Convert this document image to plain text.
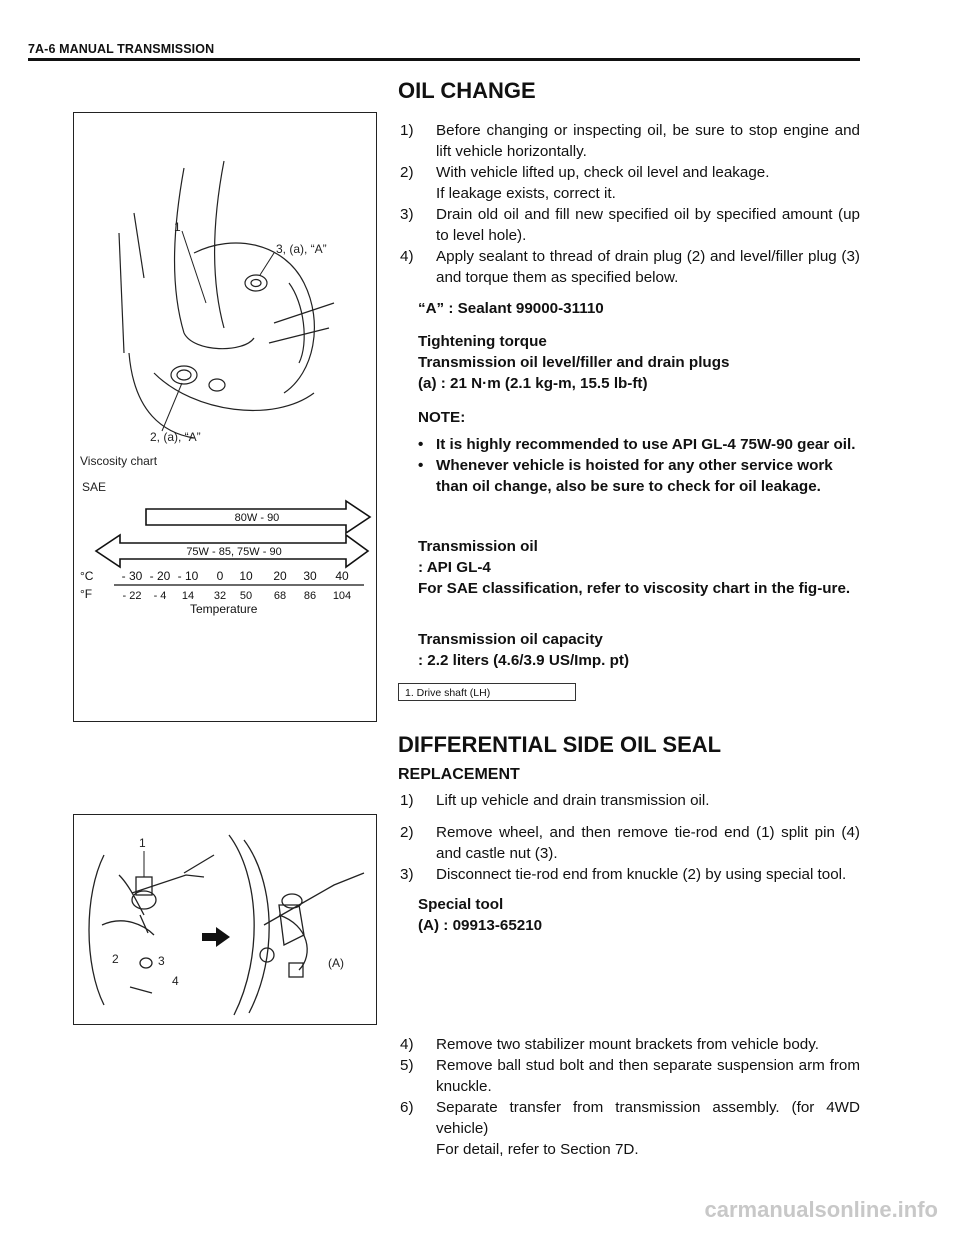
7A-6 MANUAL TRANSMISSION
OIL CHANGE
1) Before changing or inspecting oil, be sure to stop engine and lift vehicle horizontally.
2) With vehicle lifted up, check oil level and leakage.
If leakage exists, correct it.
3) Drain old oil and fill new specified oil by specified amount (up to level hole).
4) Apply sealant to thread of drain plug (2) and level/filler plug (3) and torque them as specified below.
“A” : Sealant 99000-31110
Tightening torque
Transmission oil level/filler and drain plugs
(a) : 21 N·m (2.1 kg-m, 15.5 lb-ft)
NOTE:
• It is highly recommended to use API GL-4 75W-90 gear oil.
• Whenever vehicle is hoisted for any other service work than oil change, also be sure to check for oil leakage.
Transmission oil
: API GL-4
For SAE classification, refer to viscosity chart in the fig-ure.
Transmission oil capacity
: 2.2 liters (4.6/3.9 US/Imp. pt)
1. Drive shaft (LH)
1
3, (a), “A”
2, (a), “A”
Viscosity chart
SAE
80W - 90
75W - 85, 75W - 90
°C
°F
- 30 - 20 - 10 0 10 20 30 40
- 22 - 4 14 32 50 68 86 104
Temperature
DIFFERENTIAL SIDE OIL SEAL
REPLACEMENT
1) Lift up vehicle and drain transmission oil.
2) Remove wheel, and then remove tie-rod end (1) split pin (4) and castle nut (3).
3) Disconnect tie-rod end from knuckle (2) by using special tool.
Special tool
(A) : 09913-65210
4) Remove two stabilizer mount brackets from vehicle body.
5) Remove ball stud bolt and then separate suspension arm from knuckle.
6) Separate transfer from transmission assembly. (for 4WD vehicle)
For detail, refer to Section 7D.
1
2	3
4
(A)
carmanualsonline.info
